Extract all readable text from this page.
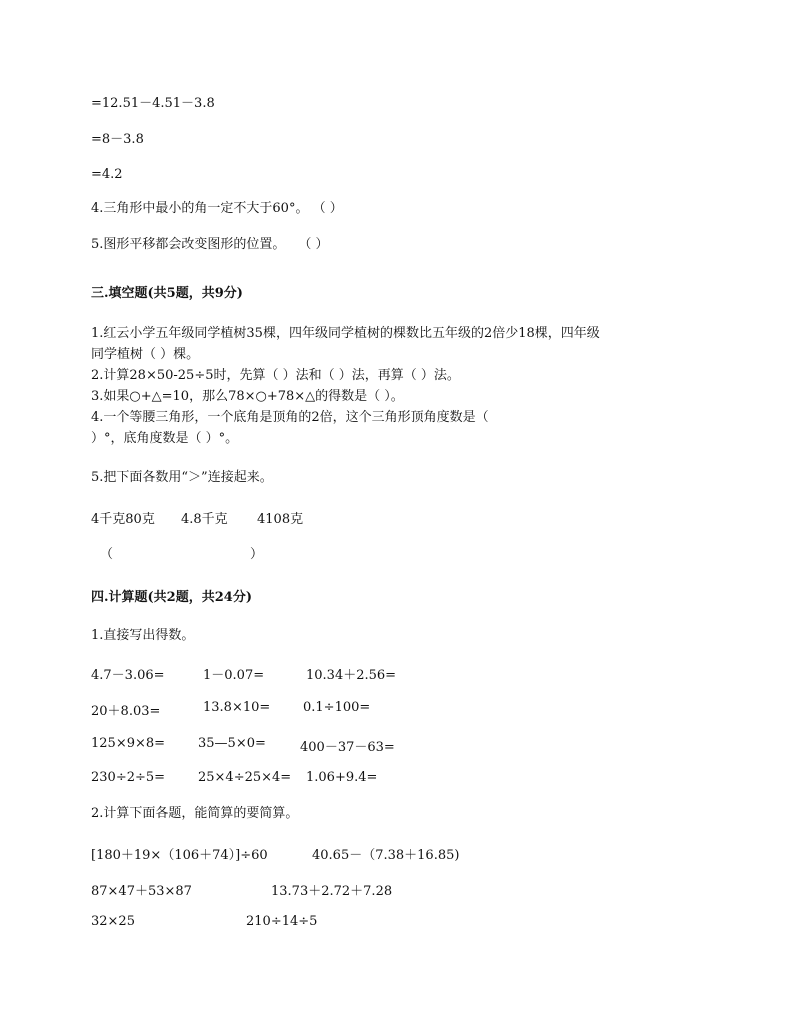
=12.51－4.51－3.8
=8－3.8
=4.2
4.三角形中最小的角一定不大于60°。 （ ）
5.图形平移都会改变图形的位置。　　（ ）
三.填空题(共5题，共9分)
1.红云小学五年级同学植树35棵，四年级同学植树的棵数比五年级的2倍少18棵，四年级
同学植树（ ）棵。
2.计算28×50-25÷5时，先算（ ）法和（ ）法，再算（ ）法。
3.如果○+△=10，那么78×○+78×△的得数是（ ）。
4.一个等腰三角形，一个底角是顶角的2倍，这个三角形顶角度数是（
）°，底角度数是（ ）°。
5.把下面各数用“＞”连接起来。
4千克80克 4.8千克 4108克
（	）
四.计算题(共2题，共24分)
1.直接写出得数。
4.7－3.06=	1－0.07=	10.34＋2.56=
20＋8.03=	13.8×10=	0.1÷100=
125×9×8=	35—5×0=	400－37－63=
230÷2÷5=	25×4÷25×4= 1.06+9.4=
2.计算下面各题，能简算的要简算。
[180＋19×（106＋74）]÷60	40.65－（7.38＋16.85)
87×47＋53×87	13.73＋2.72＋7.28
32×25	210÷14÷5
